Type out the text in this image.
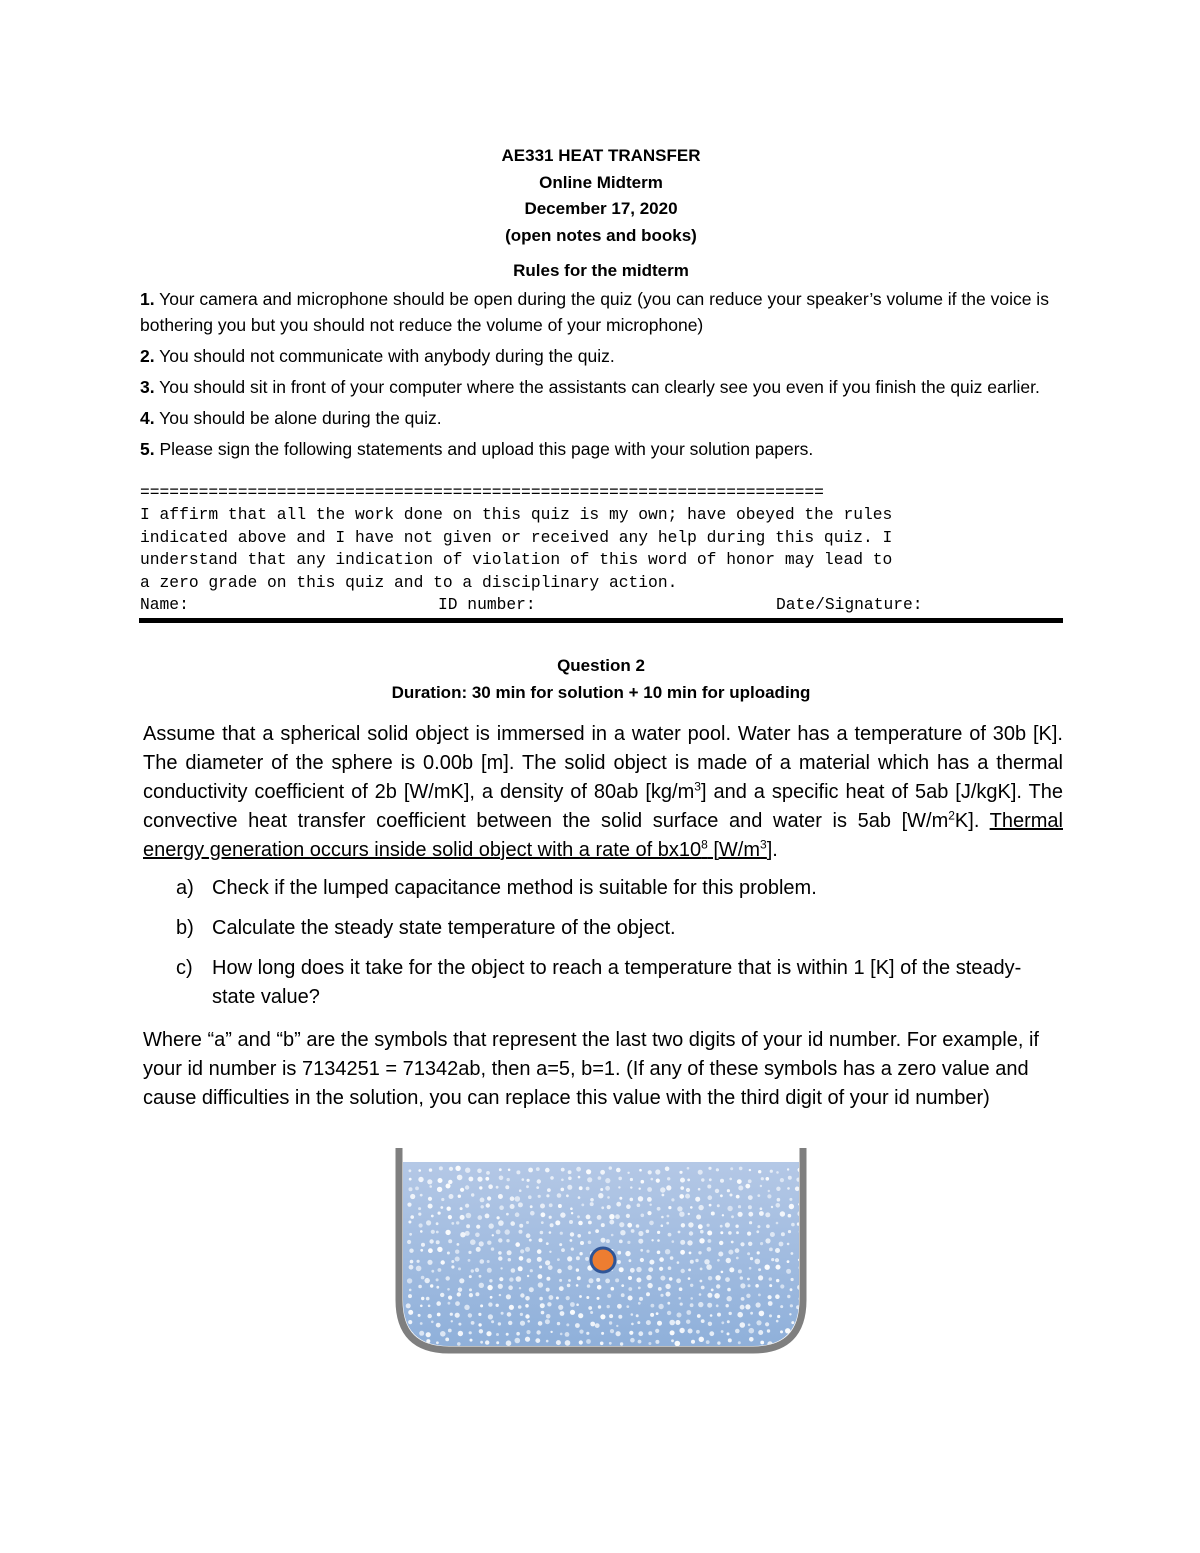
AE331 HEAT TRANSFER
Online Midterm
December 17, 2020
(open notes and books)
Rules for the midterm
1. Your camera and microphone should be open during the quiz (you can reduce your speaker’s volume if the voice is bothering you but you should not reduce the volume of your microphone)
2. You should not communicate with anybody during the quiz.
3. You should sit in front of your computer where the assistants can clearly see you even if you finish the quiz earlier.
4. You should be alone during the quiz.
5. Please sign the following statements and upload this page with your solution papers.
======================================================================
I affirm that all the work done on this quiz is my own; have obeyed the rules
indicated above and I have not given or received any help during this quiz. I
understand that any indication of violation of this word of honor may lead to
a zero grade on this quiz and to a disciplinary action.
Name:	ID number:	Date/Signature:
Question 2
Duration: 30 min for solution + 10 min for uploading
Assume that a spherical solid object is immersed in a water pool. Water has a temperature of 30b [K]. The diameter of the sphere is 0.00b [m]. The solid object is made of a material which has a thermal conductivity coefficient of 2b [W/mK], a density of 80ab $[kg/m^3]$ and a specific heat of 5ab [J/kgK]. The convective heat transfer coefficient between the solid surface and water is 5ab $[W/m^2K]$. Thermal energy generation occurs inside solid object with a rate of $bx10^8$ $[W/m^3]$.
a) Check if the lumped capacitance method is suitable for this problem.
b) Calculate the steady state temperature of the object.
c) How long does it take for the object to reach a temperature that is within 1 [K] of the steady-state value?
Where “a” and “b” are the symbols that represent the last two digits of your id number. For example, if your id number is 7134251 = 71342ab, then a=5, b=1. (If any of these symbols has a zero value and cause difficulties in the solution, you can replace this value with the third digit of your id number)
